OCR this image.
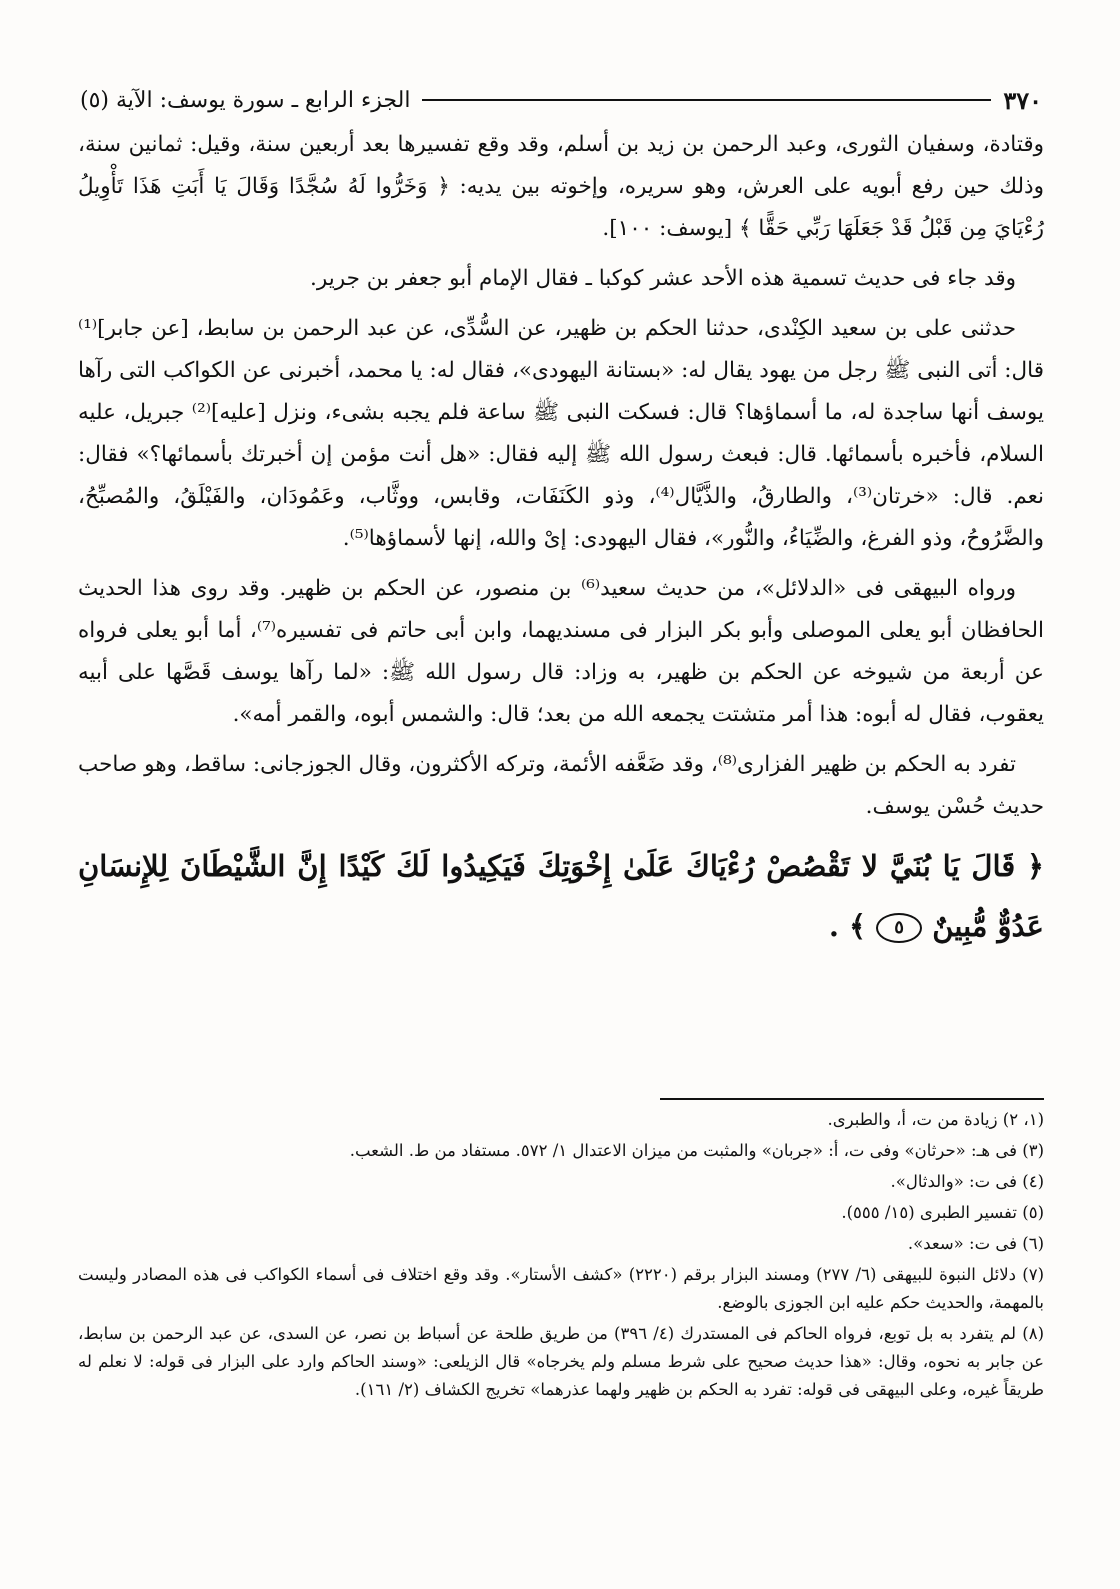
٣٧٠
الجزء الرابع ـ سورة يوسف: الآية (٥)

وقتادة، وسفيان الثورى، وعبد الرحمن بن زيد بن أسلم، وقد وقع تفسيرها بعد أربعين سنة، وقيل: ثمانين سنة، وذلك حين رفع أبويه على العرش، وهو سريره، وإخوته بين يديه: ﴿ وَخَرُّوا لَهُ سُجَّدًا وَقَالَ يَا أَبَتِ هَذَا تَأْوِيلُ رُءْيَايَ مِن قَبْلُ قَدْ جَعَلَهَا رَبِّي حَقًّا ﴾ [يوسف: ١٠٠].

وقد جاء فى حديث تسمية هذه الأحد عشر كوكبا ـ فقال الإمام أبو جعفر بن جرير.

حدثنى على بن سعيد الكِنْدى، حدثنا الحكم بن ظهير، عن السُّدِّى، عن عبد الرحمن بن سابط، [عن جابر]⁽¹⁾ قال: أتى النبى ﷺ رجل من يهود يقال له: «بستانة اليهودى»، فقال له: يا محمد، أخبرنى عن الكواكب التى رآها يوسف أنها ساجدة له، ما أسماؤها؟ قال: فسكت النبى ﷺ ساعة فلم يجبه بشىء، ونزل [عليه]⁽²⁾ جبريل، عليه السلام، فأخبره بأسمائها. قال: فبعث رسول الله ﷺ إليه فقال: «هل أنت مؤمن إن أخبرتك بأسمائها؟» فقال: نعم. قال: «خرتان⁽³⁾، والطارقُ، والذَّيَّال⁽⁴⁾، وذو الكَنَفَات، وقابس، ووثَّاب، وعَمُودَان، والفَيْلَقُ، والمُصبِّحُ، والضَّرُوحُ، وذو الفرغ، والضِّيَاءُ، والنُّور»، فقال اليهودى: إىْ والله، إنها لأسماؤها⁽⁵⁾.

ورواه البيهقى فى «الدلائل»، من حديث سعيد⁽⁶⁾ بن منصور، عن الحكم بن ظهير. وقد روى هذا الحديث الحافظان أبو يعلى الموصلى وأبو بكر البزار فى مسنديهما، وابن أبى حاتم فى تفسيره⁽⁷⁾، أما أبو يعلى فرواه عن أربعة من شيوخه عن الحكم بن ظهير، به وزاد: قال رسول الله ﷺ: «لما رآها يوسف قَصَّها على أبيه يعقوب، فقال له أبوه: هذا أمر متشتت يجمعه الله من بعد؛ قال: والشمس أبوه، والقمر أمه».

تفرد به الحكم بن ظهير الفزارى⁽⁸⁾، وقد ضَعَّفه الأئمة، وتركه الأكثرون، وقال الجوزجانى: ساقط، وهو صاحب حديث حُسْن يوسف.

﴿ قَالَ يَا بُنَيَّ لا تَقْصُصْ رُءْيَاكَ عَلَىٰ إِخْوَتِكَ فَيَكِيدُوا لَكَ كَيْدًا إِنَّ الشَّيْطَانَ لِلإِنسَانِ عَدُوٌّ مُّبِينٌ ٥ ﴾ .

(١، ٢) زيادة من ت، أ، والطبرى.

(٣) فى هـ: «حرثان» وفى ت، أ: «جربان» والمثبت من ميزان الاعتدال ١/ ٥٧٢. مستفاد من ط. الشعب.

(٤) فى ت: «والدثال».

(٥) تفسير الطبرى (١٥/ ٥٥٥).

(٦) فى ت: «سعد».

(٧) دلائل النبوة للبيهقى (٦/ ٢٧٧) ومسند البزار برقم (٢٢٢٠) «كشف الأستار». وقد وقع اختلاف فى أسماء الكواكب فى هذه المصادر وليست بالمهمة، والحديث حكم عليه ابن الجوزى بالوضع.

(٨) لم يتفرد به بل توبع، فرواه الحاكم فى المستدرك (٤/ ٣٩٦) من طريق طلحة عن أسباط بن نصر، عن السدى، عن عبد الرحمن بن سابط، عن جابر به نحوه، وقال: «هذا حديث صحيح على شرط مسلم ولم يخرجاه» قال الزيلعى: «وسند الحاكم وارد على البزار فى قوله: لا نعلم له طريقاً غيره، وعلى البيهقى فى قوله: تفرد به الحكم بن ظهير ولهما عذرهما» تخريج الكشاف (٢/ ١٦١).
